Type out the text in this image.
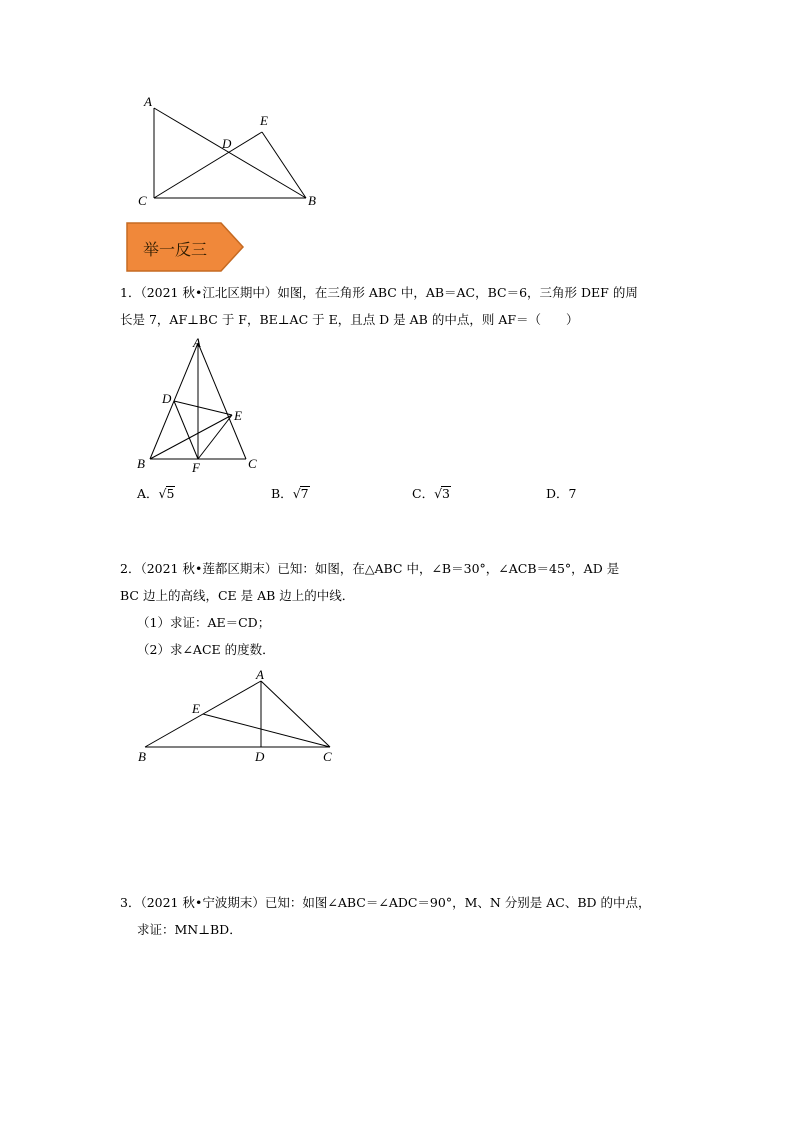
A
C	B
D
E
举一反三
1．（2021 秋•江北区期中）如图，在三角形 ABC 中，AB＝AC，BC＝6，三角形 DEF 的周
长是 7，AF⊥BC 于 F，BE⊥AC 于 E，且点 D 是 AB 的中点，则 AF＝（　　）
A
D
E
B	F	C
A．√5	B．√7	C．√3	D．7
2．（2021 秋•莲都区期末）已知：如图，在△ABC 中，∠B＝30°，∠ACB＝45°，AD 是
BC 边上的高线，CE 是 AB 边上的中线．
（1）求证：AE＝CD；
（2）求∠ACE 的度数．
A
E
B	D	C
3．（2021 秋•宁波期末）已知：如图∠ABC＝∠ADC＝90°，M、N 分别是 AC、BD 的中点，
求证：MN⊥BD．
